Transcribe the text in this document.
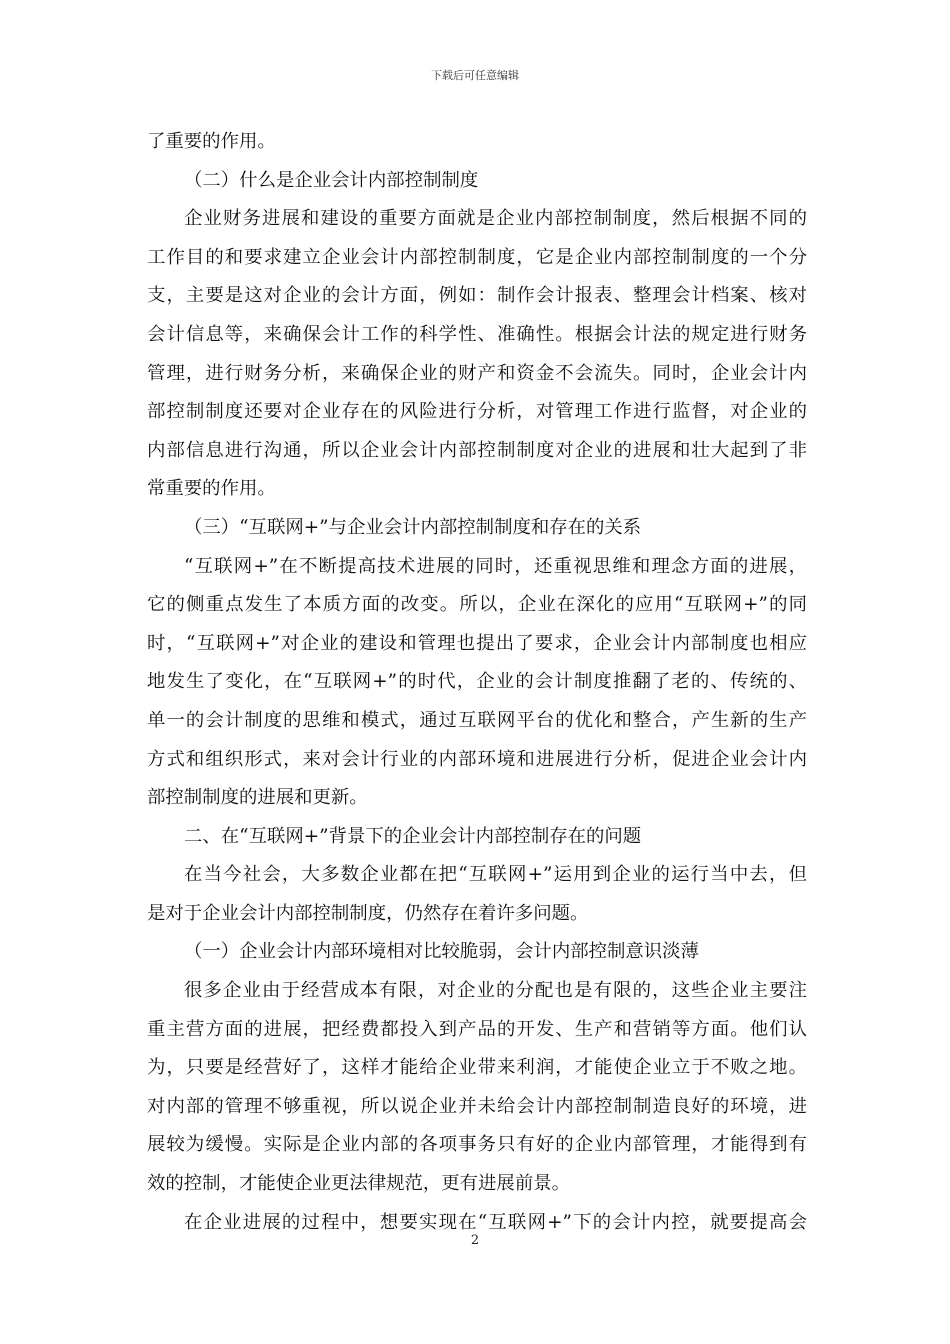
下载后可任意编辑
了重要的作用。
（二）什么是企业会计内部控制制度
企业财务进展和建设的重要方面就是企业内部控制制度，然后根据不同的
工作目的和要求建立企业会计内部控制制度，它是企业内部控制制度的一个分
支，主要是这对企业的会计方面，例如：制作会计报表、整理会计档案、核对
会计信息等，来确保会计工作的科学性、准确性。根据会计法的规定进行财务
管理，进行财务分析，来确保企业的财产和资金不会流失。同时，企业会计内
部控制制度还要对企业存在的风险进行分析，对管理工作进行监督，对企业的
内部信息进行沟通，所以企业会计内部控制制度对企业的进展和壮大起到了非
常重要的作用。
（三）“互联网+”与企业会计内部控制制度和存在的关系
“互联网+”在不断提高技术进展的同时，还重视思维和理念方面的进展，
它的侧重点发生了本质方面的改变。所以，企业在深化的应用“互联网+”的同
时，“互联网+”对企业的建设和管理也提出了要求，企业会计内部制度也相应
地发生了变化，在“互联网+”的时代，企业的会计制度推翻了老的、传统的、
单一的会计制度的思维和模式，通过互联网平台的优化和整合，产生新的生产
方式和组织形式，来对会计行业的内部环境和进展进行分析，促进企业会计内
部控制制度的进展和更新。
二、在“互联网+”背景下的企业会计内部控制存在的问题
在当今社会，大多数企业都在把“互联网+”运用到企业的运行当中去，但
是对于企业会计内部控制制度，仍然存在着许多问题。
（一）企业会计内部环境相对比较脆弱，会计内部控制意识淡薄
很多企业由于经营成本有限，对企业的分配也是有限的，这些企业主要注
重主营方面的进展，把经费都投入到产品的开发、生产和营销等方面。他们认
为，只要是经营好了，这样才能给企业带来利润，才能使企业立于不败之地。
对内部的管理不够重视，所以说企业并未给会计内部控制制造良好的环境，进
展较为缓慢。实际是企业内部的各项事务只有好的企业内部管理，才能得到有
效的控制，才能使企业更法律规范，更有进展前景。
在企业进展的过程中，想要实现在“互联网+”下的会计内控，就要提高会
2
